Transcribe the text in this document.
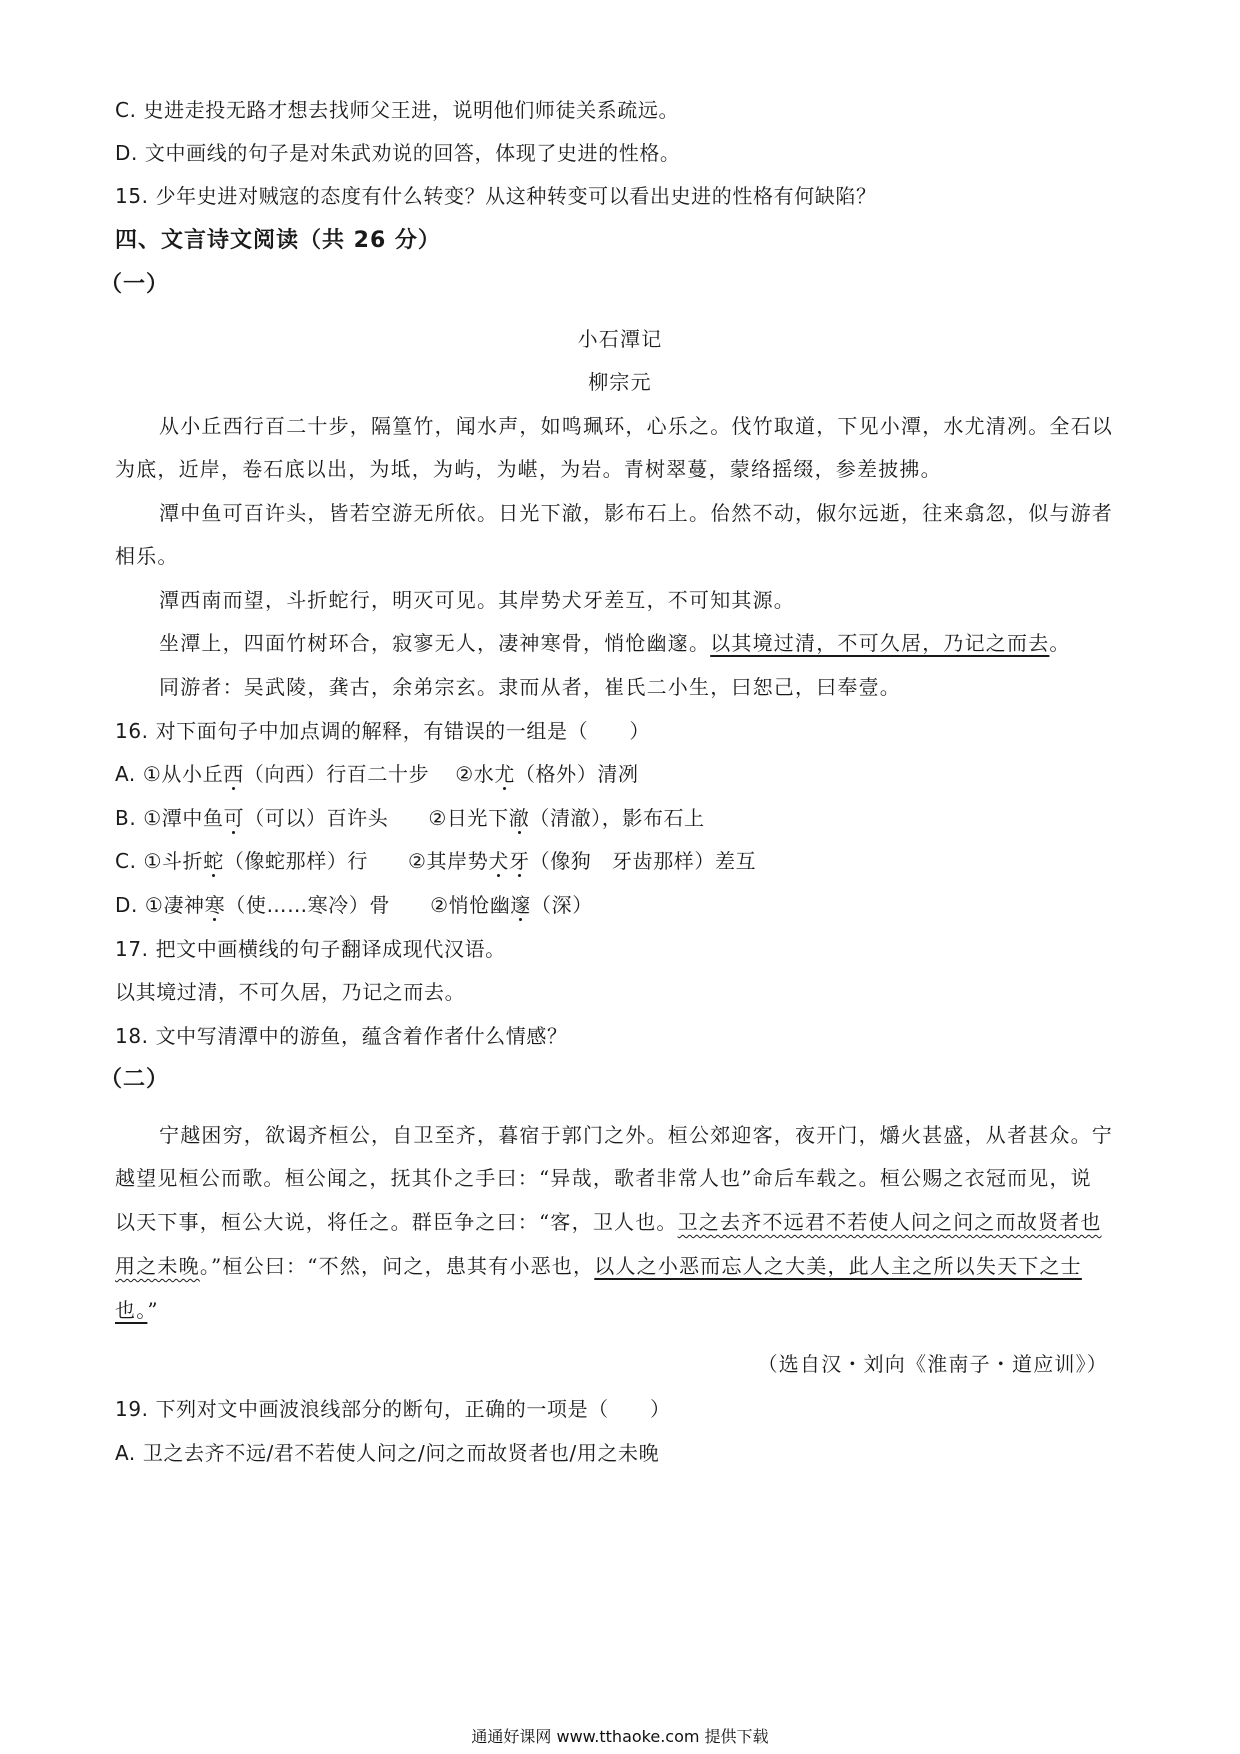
C. 史进走投无路才想去找师父王进，说明他们师徒关系疏远。
D. 文中画线的句子是对朱武劝说的回答，体现了史进的性格。
15. 少年史进对贼寇的态度有什么转变？从这种转变可以看出史进的性格有何缺陷？
四、文言诗文阅读（共 26 分）
（一）
小石潭记
柳宗元
从小丘西行百二十步，隔篁竹，闻水声，如鸣珮环，心乐之。伐竹取道，下见小潭，水尤清冽。全石以
为底，近岸，卷石底以出，为坻，为屿，为嵁，为岩。青树翠蔓，蒙络摇缀，参差披拂。
潭中鱼可百许头，皆若空游无所依。日光下澈，影布石上。佁然不动，俶尔远逝，往来翕忽，似与游者
相乐。
潭西南而望，斗折蛇行，明灭可见。其岸势犬牙差互，不可知其源。
坐潭上，四面竹树环合，寂寥无人，凄神寒骨，悄怆幽邃。以其境过清，不可久居，乃记之而去。
同游者：吴武陵，龚古，余弟宗玄。隶而从者，崔氏二小生，曰恕己，曰奉壹。
16. 对下面句子中加点调的解释，有错误的一组是（　　）
A. ①从小丘西（向西）行百二十步 ②水尤（格外）清冽
B. ①潭中鱼可（可以）百许头 ②日光下澈（清澈），影布石上
C. ①斗折蛇（像蛇那样）行 ②其岸势犬牙（像狗　牙齿那样）差互
D. ①凄神寒（使……寒冷）骨 ②悄怆幽邃（深）
17. 把文中画横线的句子翻译成现代汉语。
以其境过清，不可久居，乃记之而去。
18. 文中写清潭中的游鱼，蕴含着作者什么情感？
（二）
宁越困穷，欲谒齐桓公，自卫至齐，暮宿于郭门之外。桓公郊迎客，夜开门，爝火甚盛，从者甚众。宁
越望见桓公而歌。桓公闻之，抚其仆之手曰：“异哉，歌者非常人也”命后车载之。桓公赐之衣冠而见，说
以天下事，桓公大说，将任之。群臣争之曰：“客，卫人也。卫之去齐不远君不若使人问之问之而故贤者也
用之未晚。”桓公曰：“不然，问之，患其有小恶也，以人之小恶而忘人之大美，此人主之所以失天下之士
也。”
（选自汉・刘向《淮南子・道应训》）
19. 下列对文中画波浪线部分的断句，正确的一项是（　　）
A. 卫之去齐不远/君不若使人问之/问之而故贤者也/用之未晚
通通好课网 www.tthaoke.com 提供下载
